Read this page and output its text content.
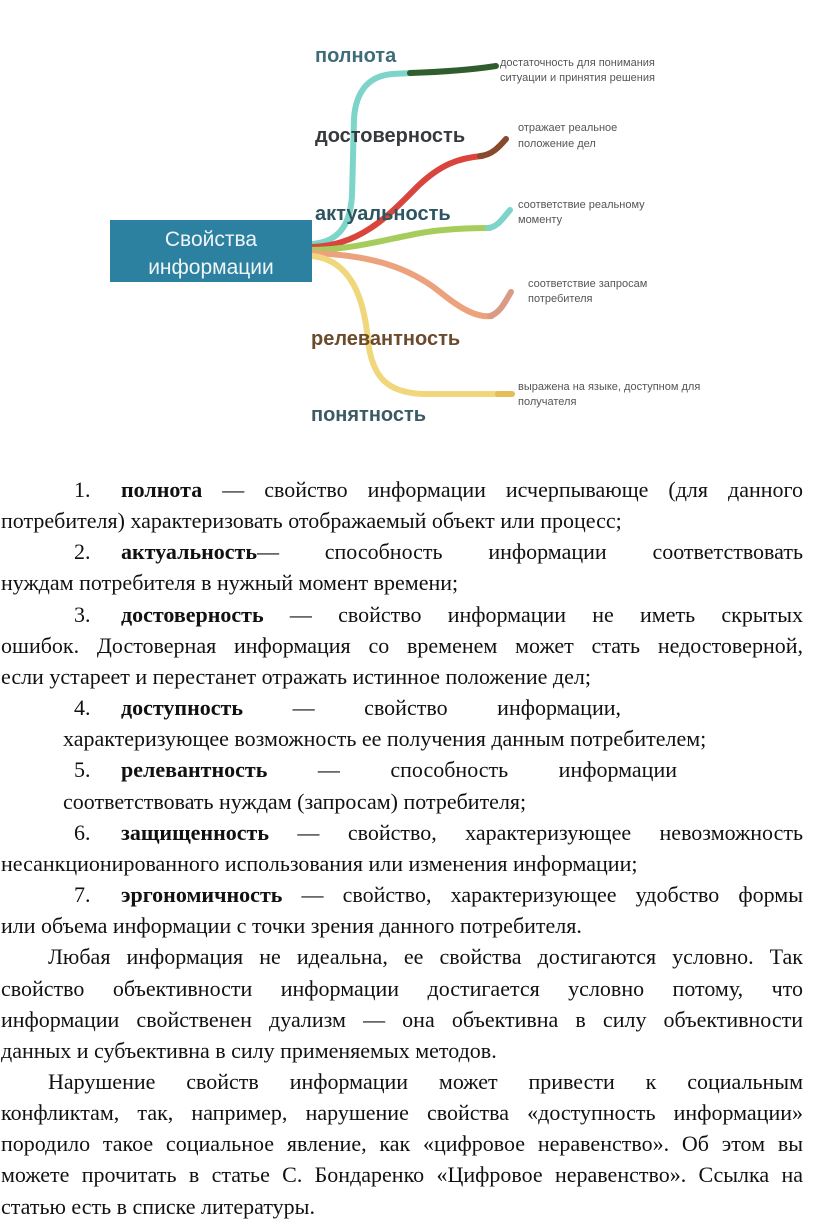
Свойства
информации
полнота
достоверность
актуальность
релевантность
понятность
достаточность для понимания
ситуации и принятия решения
отражает реальное
положение дел
соответствие реальному
моменту
соответствие запросам
потребителя
выражена на языке, доступном для
получателя
1. полнота — свойство информации исчерпывающе (для данного
потребителя) характеризовать отображаемый объект или процесс;
2. актуальность— способность информации соответствовать
нуждам потребителя в нужный момент времени;
3. достоверность — свойство информации не иметь скрытых
ошибок. Достоверная информация со временем может стать недостоверной,
если устареет и перестанет отражать истинное положение дел;
4. доступность — свойство информации,
характеризующее возможность ее получения данным потребителем;
5. релевантность — способность информации
соответствовать нуждам (запросам) потребителя;
6. защищенность — свойство, характеризующее невозможность
несанкционированного использования или изменения информации;
7. эргономичность — свойство, характеризующее удобство формы
или объема информации с точки зрения данного потребителя.
Любая информация не идеальна, ее свойства достигаются условно. Так
свойство объективности информации достигается условно потому, что
информации свойственен дуализм — она объективна в силу объективности
данных и субъективна в силу применяемых методов.
Нарушение свойств информации может привести к социальным
конфликтам, так, например, нарушение свойства «доступность информации»
породило такое социальное явление, как «цифровое неравенство». Об этом вы
можете прочитать в статье С. Бондаренко «Цифровое неравенство». Ссылка на
статью есть в списке литературы.
